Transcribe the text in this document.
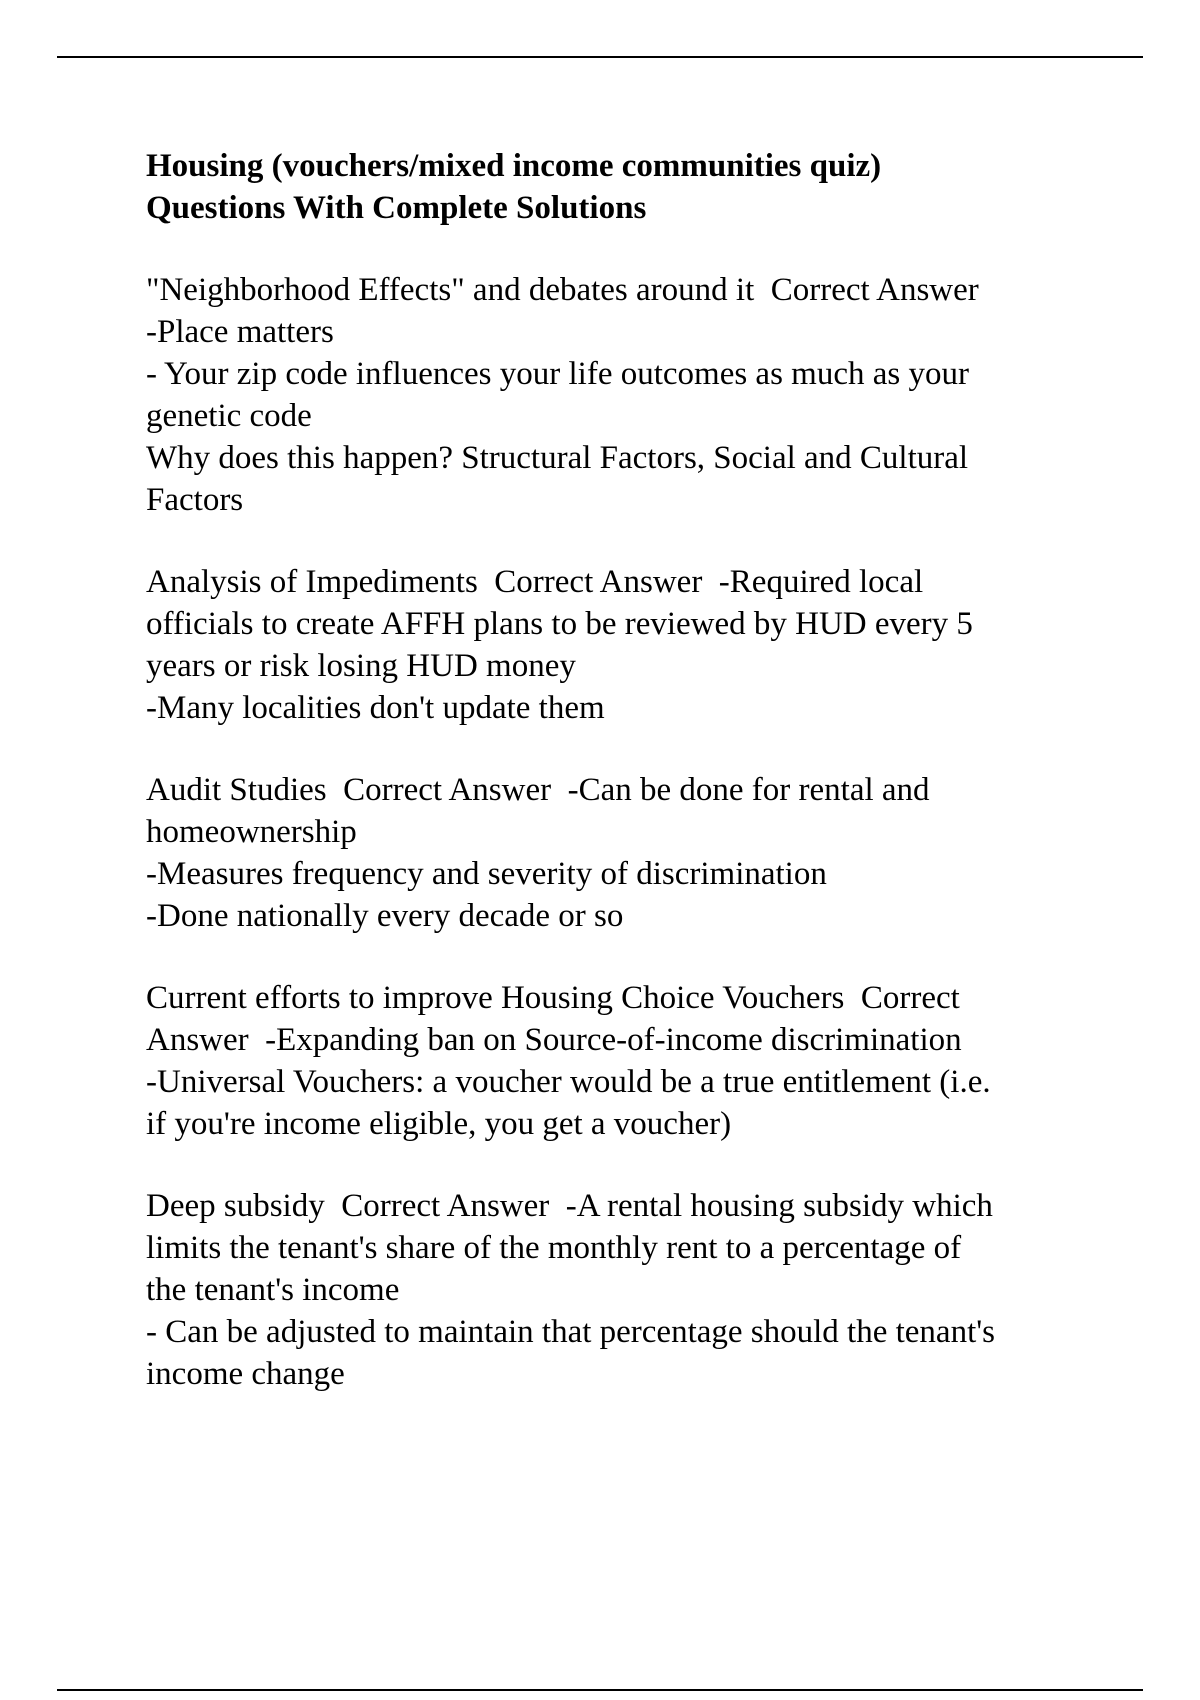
Housing (vouchers/mixed income communities quiz)
Questions With Complete Solutions
"Neighborhood Effects" and debates around it  Correct Answer
-Place matters
- Your zip code influences your life outcomes as much as your
genetic code
Why does this happen? Structural Factors, Social and Cultural
Factors
Analysis of Impediments  Correct Answer  -Required local
officials to create AFFH plans to be reviewed by HUD every 5
years or risk losing HUD money
-Many localities don't update them
Audit Studies  Correct Answer  -Can be done for rental and
homeownership
-Measures frequency and severity of discrimination
-Done nationally every decade or so
Current efforts to improve Housing Choice Vouchers  Correct
Answer  -Expanding ban on Source-of-income discrimination
-Universal Vouchers: a voucher would be a true entitlement (i.e.
if you're income eligible, you get a voucher)
Deep subsidy  Correct Answer  -A rental housing subsidy which
limits the tenant's share of the monthly rent to a percentage of
the tenant's income
- Can be adjusted to maintain that percentage should the tenant's
income change
